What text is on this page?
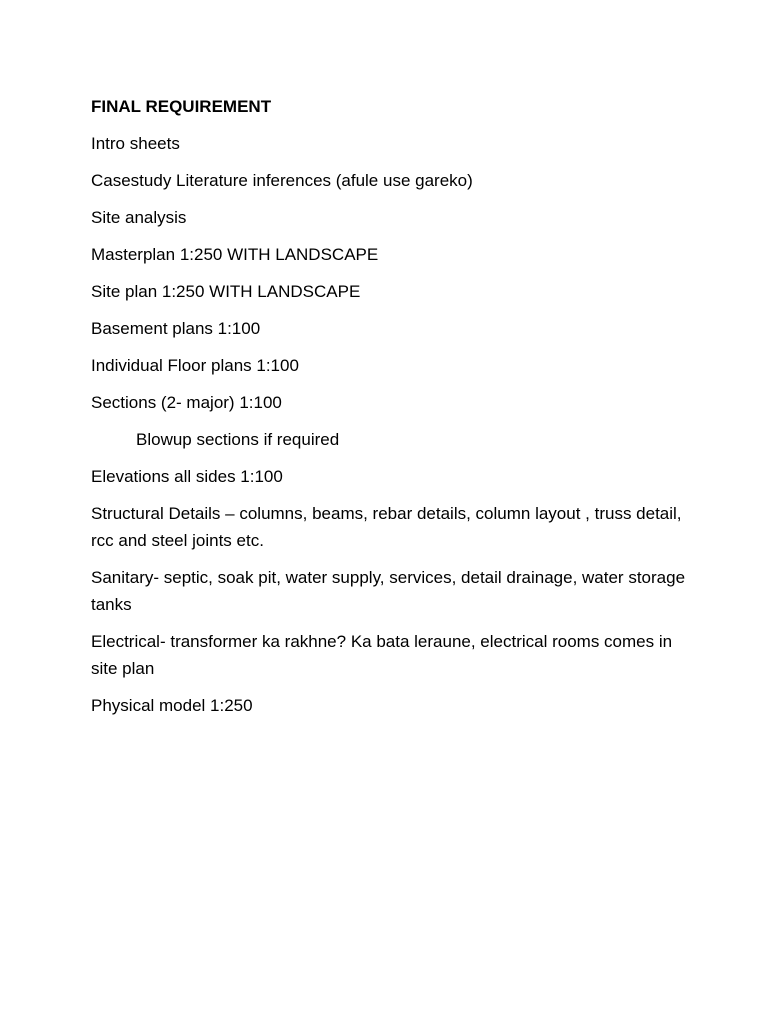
FINAL REQUIREMENT
Intro sheets
Casestudy Literature inferences (afule use gareko)
Site analysis
Masterplan 1:250 WITH LANDSCAPE
Site plan 1:250 WITH LANDSCAPE
Basement plans 1:100
Individual Floor plans 1:100
Sections (2- major) 1:100
Blowup sections if required
Elevations all sides 1:100
Structural Details – columns, beams, rebar details, column layout , truss detail, rcc and steel joints etc.
Sanitary- septic, soak pit, water supply, services, detail drainage, water storage tanks
Electrical- transformer ka rakhne? Ka bata leraune, electrical rooms comes in site plan
Physical model 1:250
